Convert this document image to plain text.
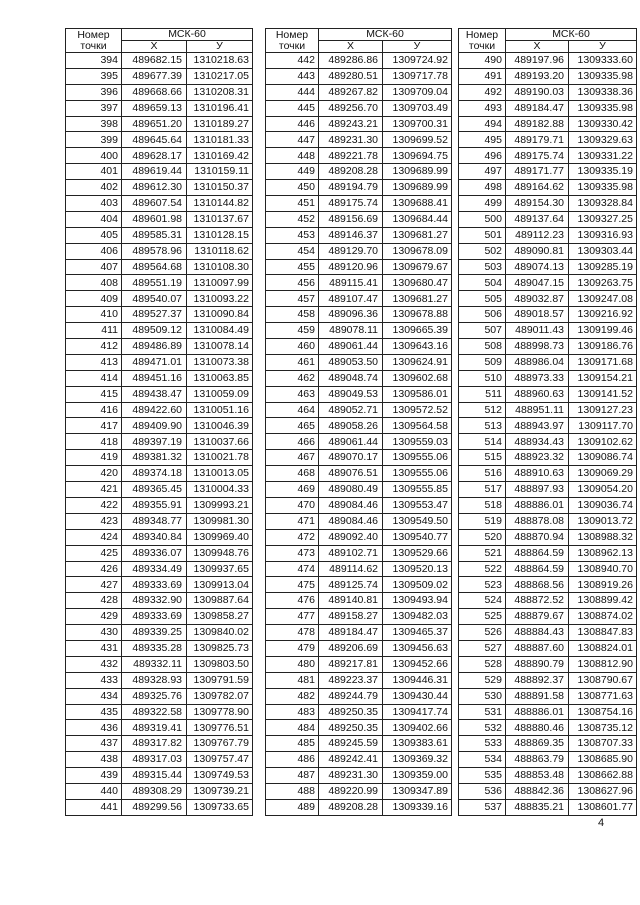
Номер
точки	МСК-60	
	X	У
394	489682.15	1310218.63
395	489677.39	1310217.05
396	489668.66	1310208.31
397	489659.13	1310196.41
398	489651.20	1310189.27
399	489645.64	1310181.33
400	489628.17	1310169.42
401	489619.44	1310159.11
402	489612.30	1310150.37
403	489607.54	1310144.82
404	489601.98	1310137.67
405	489585.31	1310128.15
406	489578.96	1310118.62
407	489564.68	1310108.30
408	489551.19	1310097.99
409	489540.07	1310093.22
410	489527.37	1310090.84
411	489509.12	1310084.49
412	489486.89	1310078.14
413	489471.01	1310073.38
414	489451.16	1310063.85
415	489438.47	1310059.09
416	489422.60	1310051.16
417	489409.90	1310046.39
418	489397.19	1310037.66
419	489381.32	1310021.78
420	489374.18	1310013.05
421	489365.45	1310004.33
422	489355.91	1309993.21
423	489348.77	1309981.30
424	489340.84	1309969.40
425	489336.07	1309948.76
426	489334.49	1309937.65
427	489333.69	1309913.04
428	489332.90	1309887.64
429	489333.69	1309858.27
430	489339.25	1309840.02
431	489335.28	1309825.73
432	489332.11	1309803.50
433	489328.93	1309791.59
434	489325.76	1309782.07
435	489322.58	1309778.90
436	489319.41	1309776.51
437	489317.82	1309767.79
438	489317.03	1309757.47
439	489315.44	1309749.53
440	489308.29	1309739.21
441	489299.56	1309733.65
Номер
точки	МСК-60	
	X	У
442	489286.86	1309724.92
443	489280.51	1309717.78
444	489267.82	1309709.04
445	489256.70	1309703.49
446	489243.21	1309700.31
447	489231.30	1309699.52
448	489221.78	1309694.75
449	489208.28	1309689.99
450	489194.79	1309689.99
451	489175.74	1309688.41
452	489156.69	1309684.44
453	489146.37	1309681.27
454	489129.70	1309678.09
455	489120.96	1309679.67
456	489115.41	1309680.47
457	489107.47	1309681.27
458	489096.36	1309678.88
459	489078.11	1309665.39
460	489061.44	1309643.16
461	489053.50	1309624.91
462	489048.74	1309602.68
463	489049.53	1309586.01
464	489052.71	1309572.52
465	489058.26	1309564.58
466	489061.44	1309559.03
467	489070.17	1309555.06
468	489076.51	1309555.06
469	489080.49	1309555.85
470	489084.46	1309553.47
471	489084.46	1309549.50
472	489092.40	1309540.77
473	489102.71	1309529.66
474	489114.62	1309520.13
475	489125.74	1309509.02
476	489140.81	1309493.94
477	489158.27	1309482.03
478	489184.47	1309465.37
479	489206.69	1309456.63
480	489217.81	1309452.66
481	489223.37	1309446.31
482	489244.79	1309430.44
483	489250.35	1309417.74
484	489250.35	1309402.66
485	489245.59	1309383.61
486	489242.41	1309369.32
487	489231.30	1309359.00
488	489220.99	1309347.89
489	489208.28	1309339.16
Номер
точки	МСК-60	
	X	У
490	489197.96	1309333.60
491	489193.20	1309335.98
492	489190.03	1309338.36
493	489184.47	1309335.98
494	489182.88	1309330.42
495	489179.71	1309329.63
496	489175.74	1309331.22
497	489171.77	1309335.19
498	489164.62	1309335.98
499	489154.30	1309328.84
500	489137.64	1309327.25
501	489112.23	1309316.93
502	489090.81	1309303.44
503	489074.13	1309285.19
504	489047.15	1309263.75
505	489032.87	1309247.08
506	489018.57	1309216.92
507	489011.43	1309199.46
508	488998.73	1309186.76
509	488986.04	1309171.68
510	488973.33	1309154.21
511	488960.63	1309141.52
512	488951.11	1309127.23
513	488943.97	1309117.70
514	488934.43	1309102.62
515	488923.32	1309086.74
516	488910.63	1309069.29
517	488897.93	1309054.20
518	488886.01	1309036.74
519	488878.08	1309013.72
520	488870.94	1308988.32
521	488864.59	1308962.13
522	488864.59	1308940.70
523	488868.56	1308919.26
524	488872.52	1308899.42
525	488879.67	1308874.02
526	488884.43	1308847.83
527	488887.60	1308824.01
528	488890.79	1308812.90
529	488892.37	1308790.67
530	488891.58	1308771.63
531	488886.01	1308754.16
532	488880.46	1308735.12
533	488869.35	1308707.33
534	488863.79	1308685.90
535	488853.48	1308662.88
536	488842.36	1308627.96
537	488835.21	1308601.77
4
